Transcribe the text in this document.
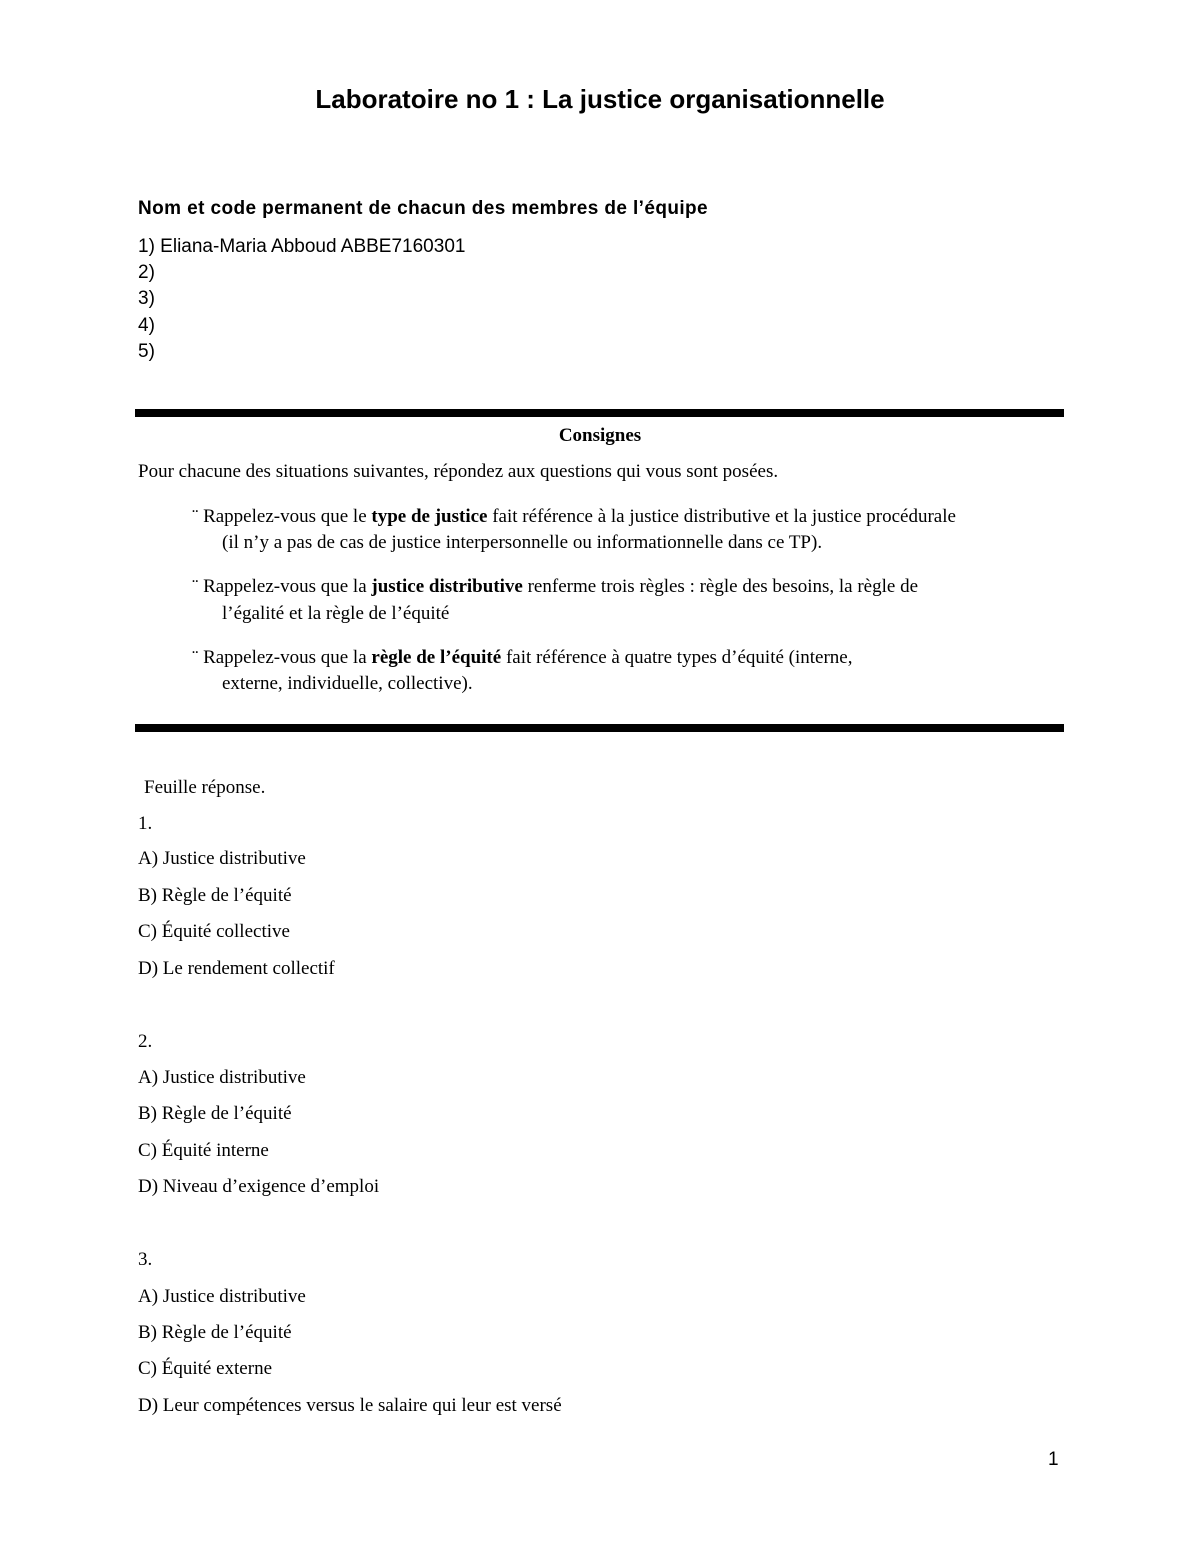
Laboratoire no 1 : La justice organisationnelle
Nom et code permanent de chacun des membres de l’équipe
1) Eliana-Maria Abboud ABBE7160301
2)
3)
4)
5)
Consignes
Pour chacune des situations suivantes, répondez aux questions qui vous sont posées.
¨ Rappelez-vous que le type de justice fait référence à la justice distributive et la justice procédurale
(il n’y a pas de cas de justice interpersonnelle ou informationnelle dans ce TP).
¨ Rappelez-vous que la justice distributive renferme trois règles : règle des besoins, la règle de
l’égalité et la règle de l’équité
¨ Rappelez-vous que la règle de l’équité fait référence à quatre types d’équité (interne,
externe, individuelle, collective).
Feuille réponse.
1.
A) Justice distributive
B) Règle de l’équité
C) Équité collective
D) Le rendement collectif
2.
A) Justice distributive
B) Règle de l’équité
C) Équité interne
D) Niveau d’exigence d’emploi
3.
A) Justice distributive
B) Règle de l’équité
C) Équité externe
D) Leur compétences versus le salaire qui leur est versé
1
